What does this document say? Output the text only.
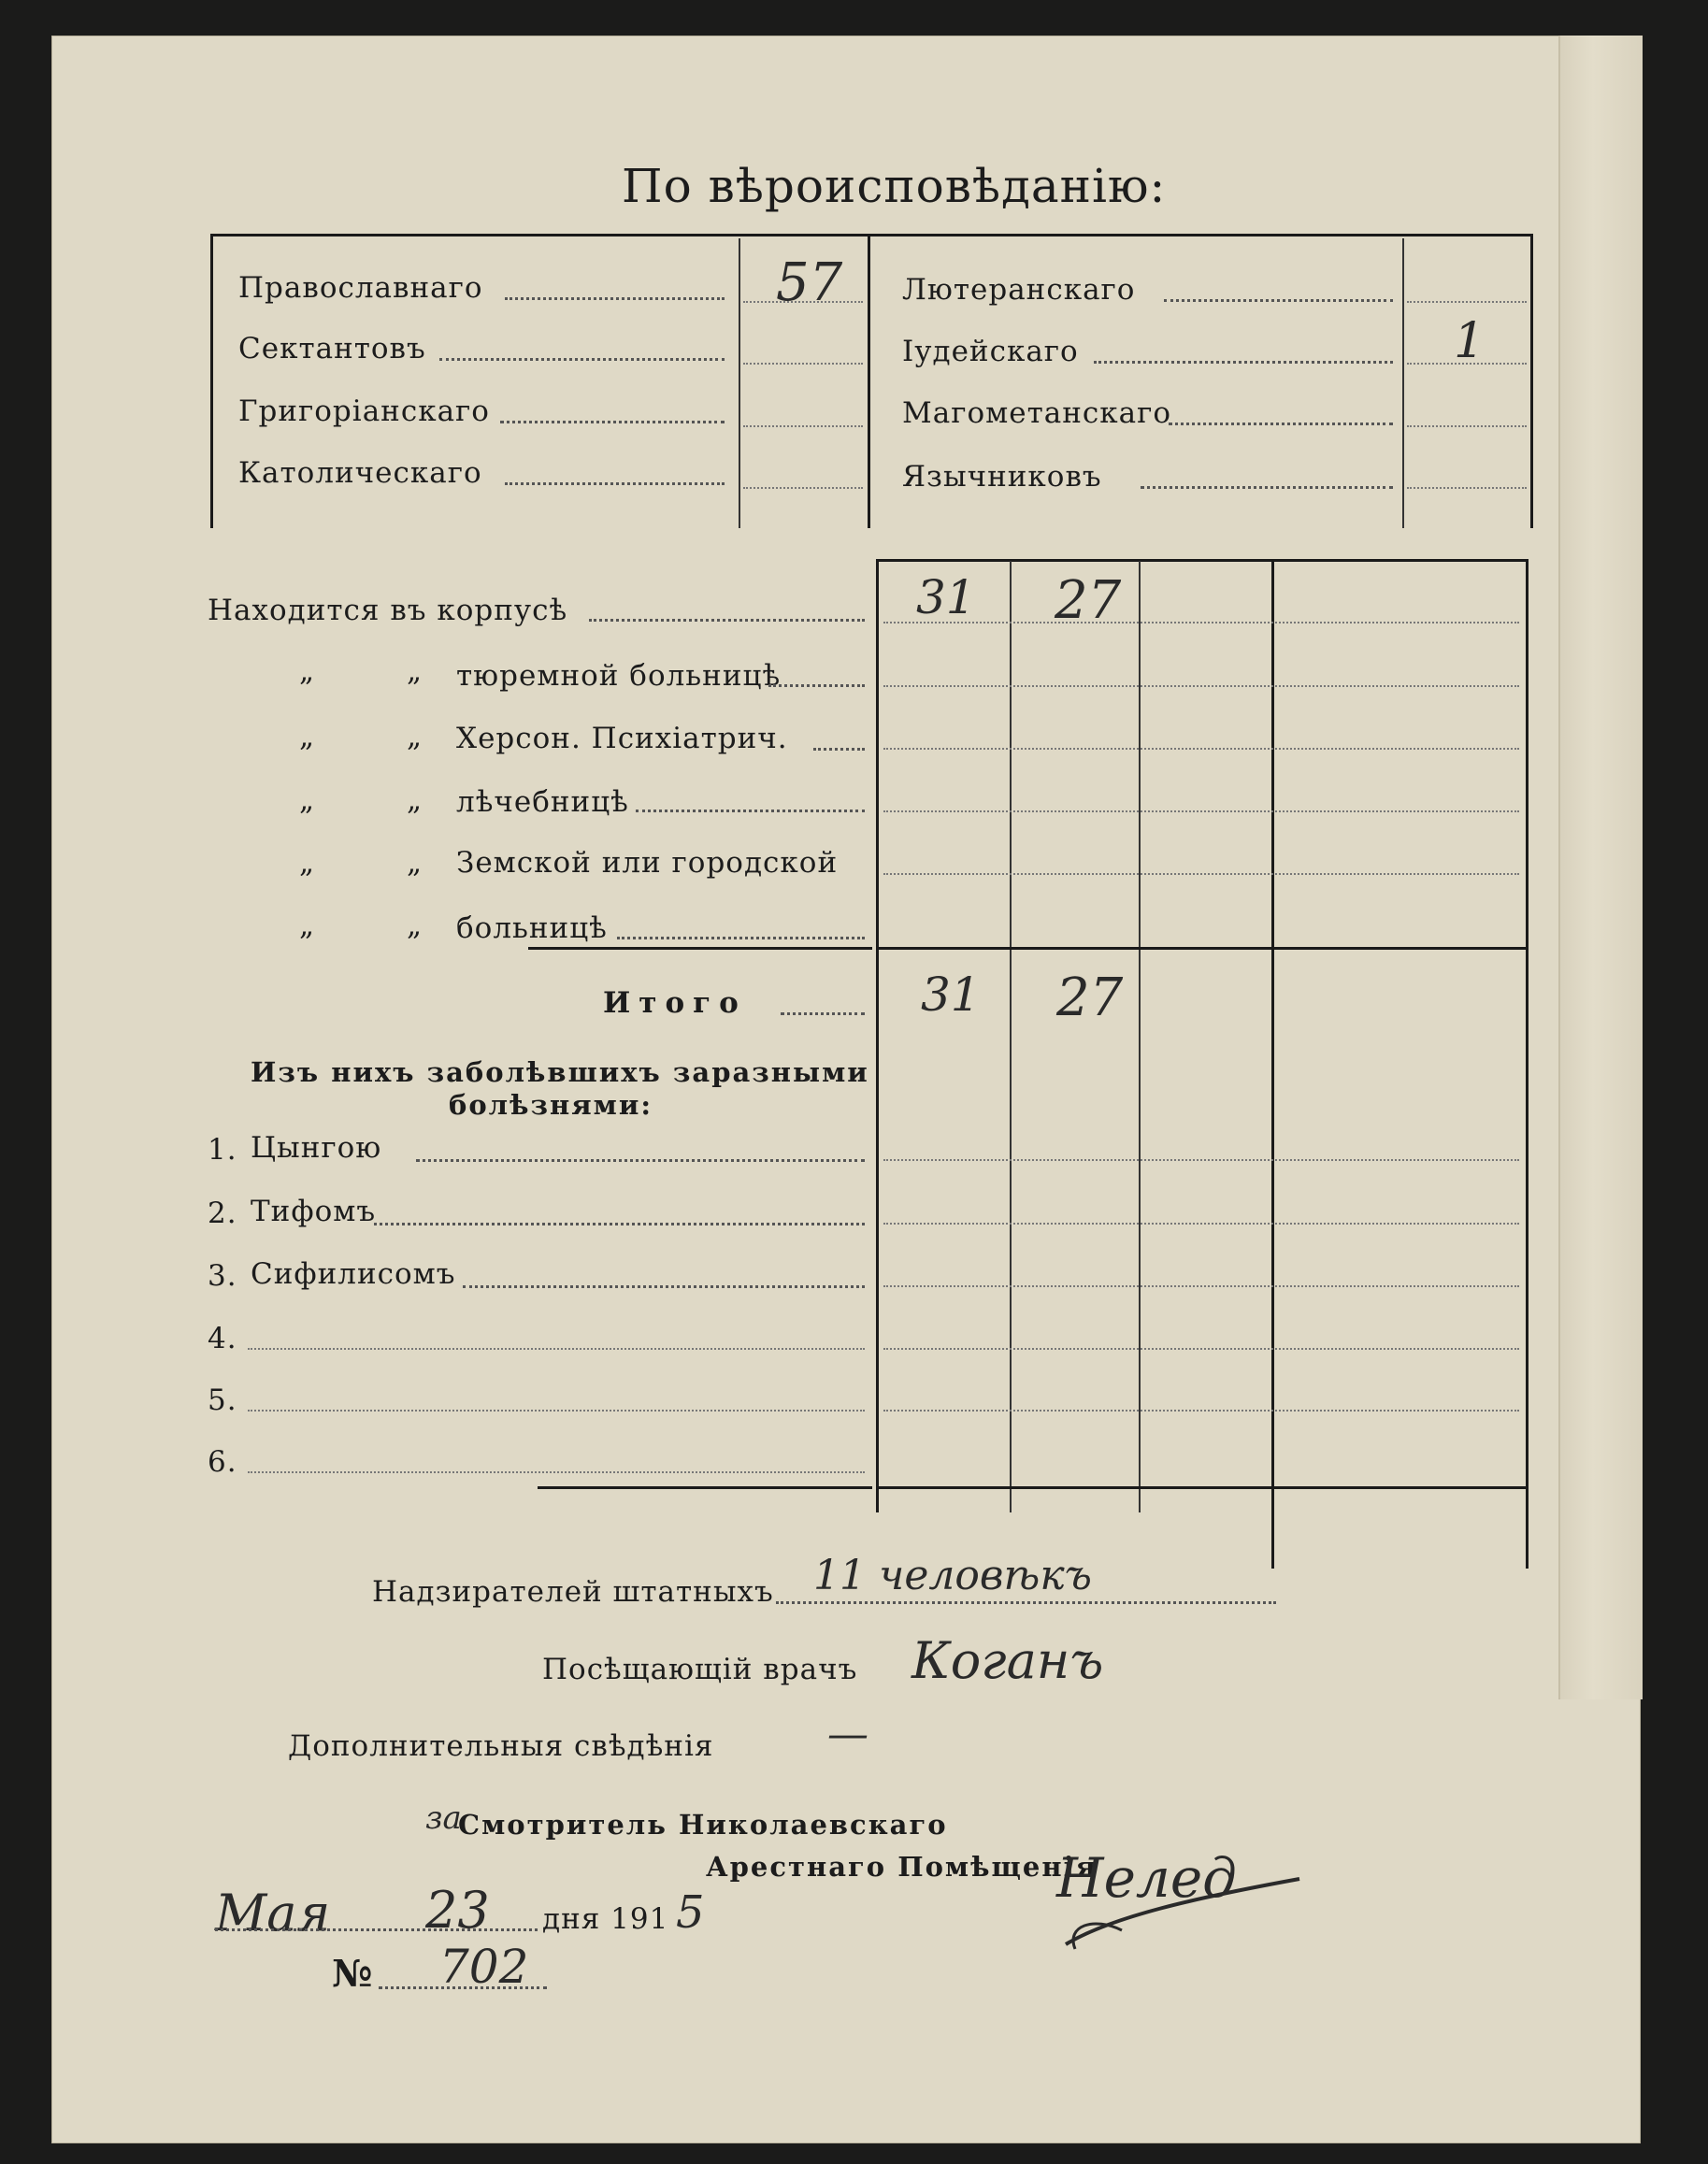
По вѣроисповѣданію:
Православнаго	57
Сектантовъ
Григоріанскаго
Католическаго
Лютеранскаго
Іудейскаго	1
Магометанскаго
Язычниковъ
Находится въ корпусѣ	31 27
„	„ тюремной больницѣ
„	„ Херсон. Психіатрич.
„	„ лѣчебницѣ
„	„ Земской или городской
„	„ больницѣ
Итого	31 27
Изъ нихъ заболѣвшихъ заразными
болѣзнями:
1. Цынгою
2. Тифомъ
3. Сифилисомъ
4.
5.
6.
Надзирателей штатныхъ 11 человѣкъ
Посѣщающій врачъ Коганъ
Дополнительныя свѣдѣнія	—
за
Смотритель Николаевскаго
Арестнаго Помѣщенія
Нелед
Мая 23 дня 191 5
№ 702
